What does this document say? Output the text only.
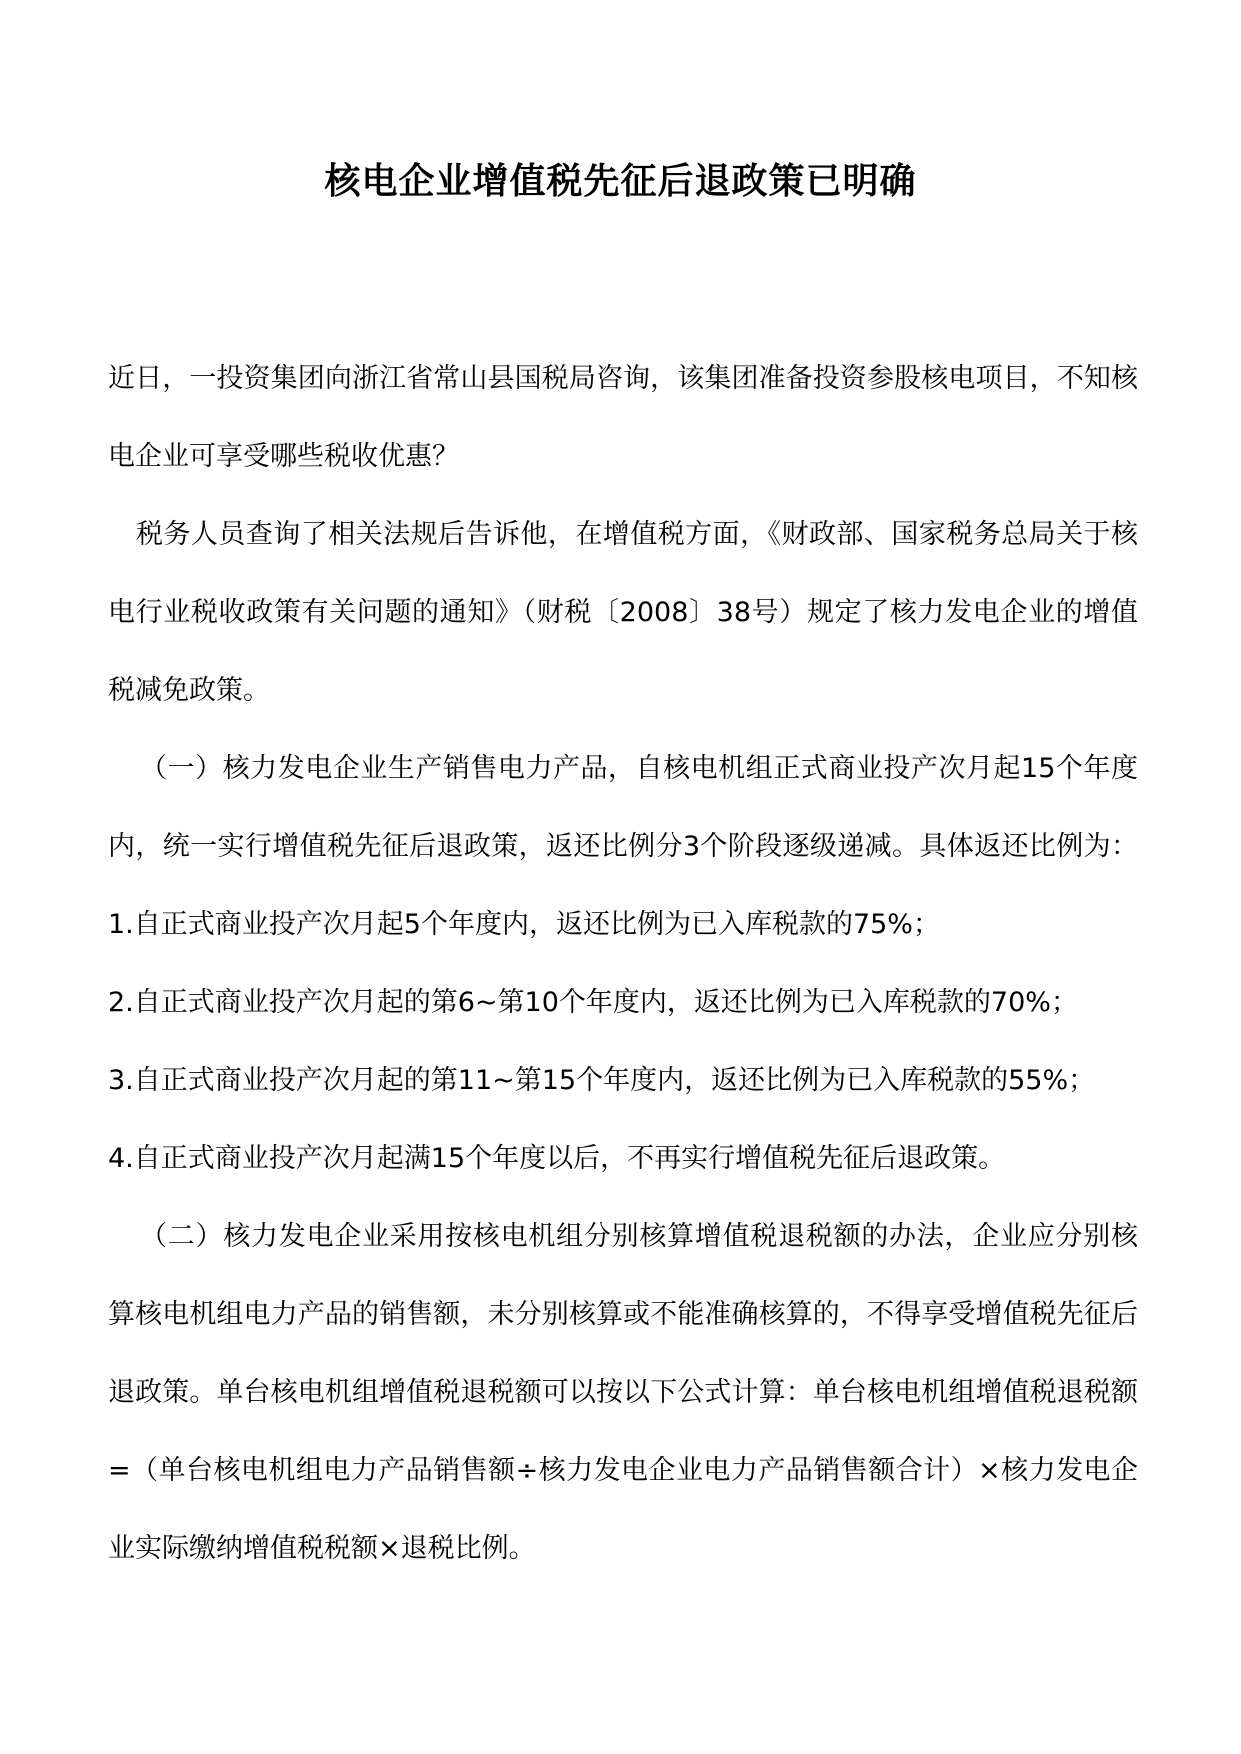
核电企业增值税先征后退政策已明确

近日，一投资集团向浙江省常山县国税局咨询，该集团准备投资参股核电项目，不知核电企业可享受哪些税收优惠？

税务人员查询了相关法规后告诉他，在增值税方面，《财政部、国家税务总局关于核电行业税收政策有关问题的通知》（财税〔2008〕38号）规定了核力发电企业的增值税减免政策。

（一）核力发电企业生产销售电力产品，自核电机组正式商业投产次月起15个年度内，统一实行增值税先征后退政策，返还比例分3个阶段逐级递减。具体返还比例为：1.自正式商业投产次月起5个年度内，返还比例为已入库税款的75%；

2.自正式商业投产次月起的第6~第10个年度内，返还比例为已入库税款的70%；

3.自正式商业投产次月起的第11~第15个年度内，返还比例为已入库税款的55%；

4.自正式商业投产次月起满15个年度以后，不再实行增值税先征后退政策。

（二）核力发电企业采用按核电机组分别核算增值税退税额的办法，企业应分别核算核电机组电力产品的销售额，未分别核算或不能准确核算的，不得享受增值税先征后退政策。单台核电机组增值税退税额可以按以下公式计算：单台核电机组增值税退税额=（单台核电机组电力产品销售额÷核力发电企业电力产品销售额合计）×核力发电企业实际缴纳增值税税额×退税比例。
